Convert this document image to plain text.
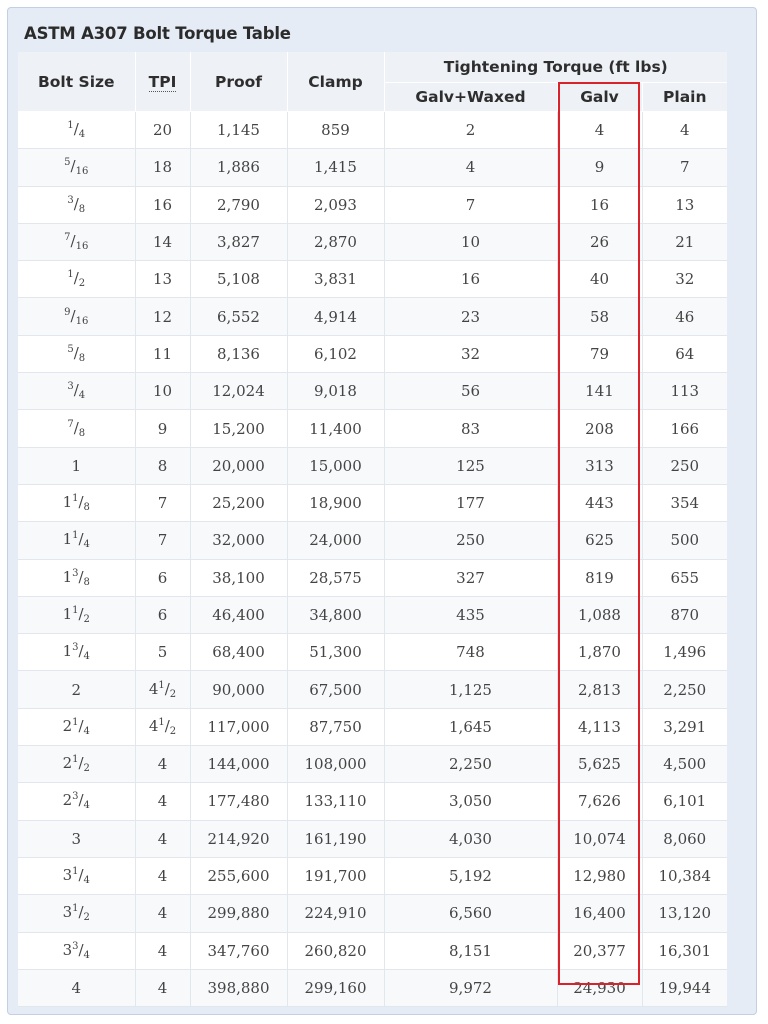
ASTM A307 Bolt Torque Table
Bolt Size	TPI	Proof	Clamp	Tightening Torque (ft lbs)		
				Galv+Waxed	Galv	Plain
$^1/_4$	20	1,145	859	2	4	4
$^5/_{16}$	18	1,886	1,415	4	9	7
$^3/_8$	16	2,790	2,093	7	16	13
$^7/_{16}$	14	3,827	2,870	10	26	21
$^1/_2$	13	5,108	3,831	16	40	32
$^9/_{16}$	12	6,552	4,914	23	58	46
$^5/_8$	11	8,136	6,102	32	79	64
$^3/_4$	10	12,024	9,018	56	141	113
$^7/_8$	9	15,200	11,400	83	208	166
1	8	20,000	15,000	125	313	250
$1^1/_8$	7	25,200	18,900	177	443	354
$1^1/_4$	7	32,000	24,000	250	625	500
$1^3/_8$	6	38,100	28,575	327	819	655
$1^1/_2$	6	46,400	34,800	435	1,088	870
$1^3/_4$	5	68,400	51,300	748	1,870	1,496
2	$4^1/_2$	90,000	67,500	1,125	2,813	2,250
$2^1/_4$	$4^1/_2$	117,000	87,750	1,645	4,113	3,291
$2^1/_2$	4	144,000	108,000	2,250	5,625	4,500
$2^3/_4$	4	177,480	133,110	3,050	7,626	6,101
3	4	214,920	161,190	4,030	10,074	8,060
$3^1/_4$	4	255,600	191,700	5,192	12,980	10,384
$3^1/_2$	4	299,880	224,910	6,560	16,400	13,120
$3^3/_4$	4	347,760	260,820	8,151	20,377	16,301
4	4	398,880	299,160	9,972	24,930	19,944
